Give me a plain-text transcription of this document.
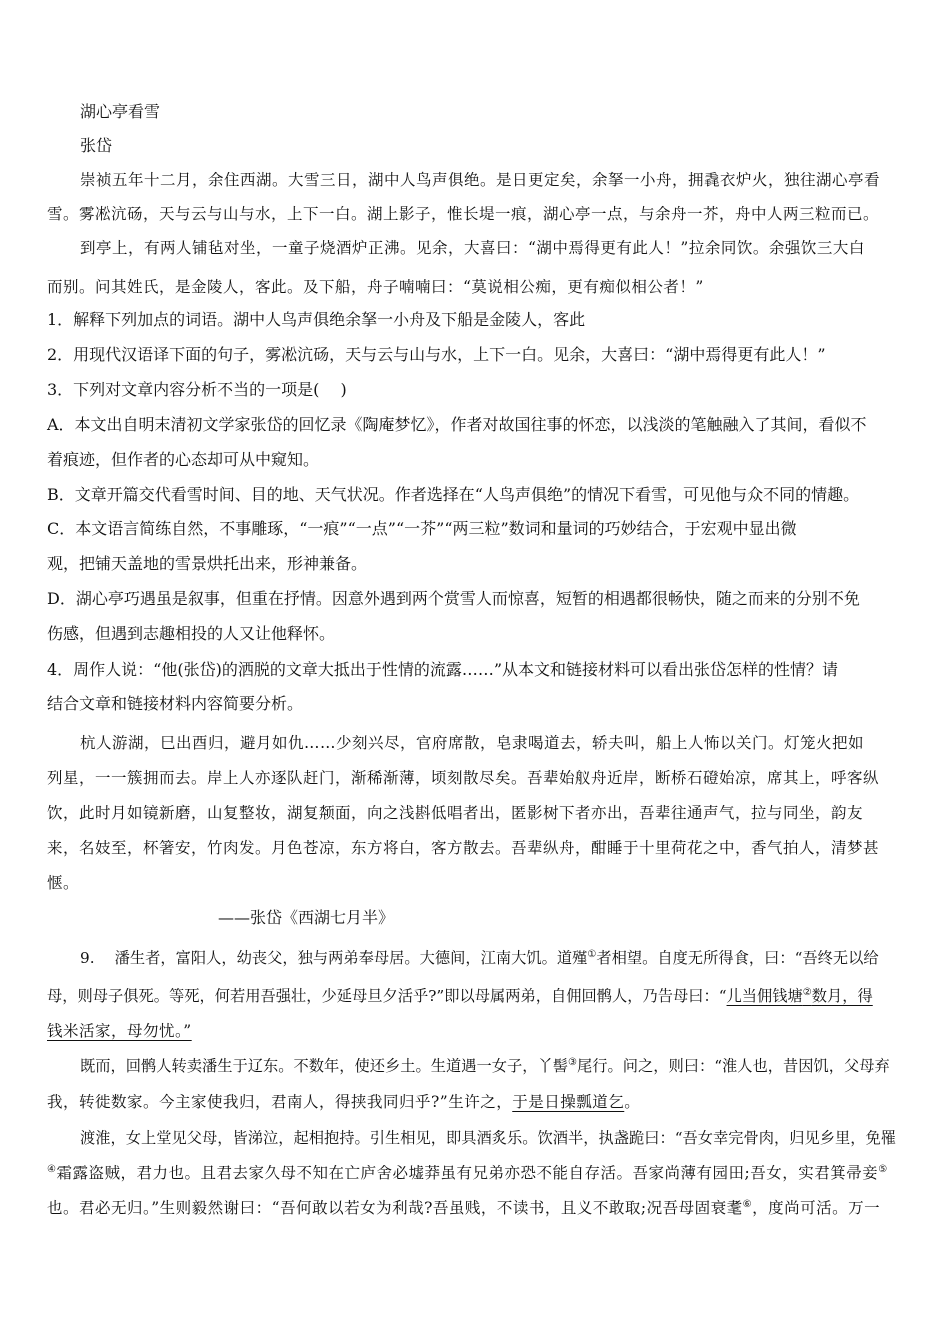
湖心亭看雪
张岱
崇祯五年十二月，余住西湖。大雪三日，湖中人鸟声俱绝。是日更定矣，余拏一小舟，拥毳衣炉火，独往湖心亭看
雪。雾凇沆砀，天与云与山与水，上下一白。湖上影子，惟长堤一痕，湖心亭一点，与余舟一芥，舟中人两三粒而已。
到亭上，有两人铺毡对坐，一童子烧酒炉正沸。见余，大喜曰：“湖中焉得更有此人！”拉余同饮。余强饮三大白
而别。问其姓氏，是金陵人，客此。及下船，舟子喃喃曰：“莫说相公痴，更有痴似相公者！”
1．解释下列加点的词语。湖中人鸟声俱绝余拏一小舟及下船是金陵人，客此
2．用现代汉语译下面的句子，雾凇沆砀，天与云与山与水，上下一白。见余，大喜曰：“湖中焉得更有此人！”
3．下列对文章内容分析不当的一项是(　 )
A．本文出自明末清初文学家张岱的回忆录《陶庵梦忆》，作者对故国往事的怀恋，以浅淡的笔触融入了其间，看似不
着痕迹，但作者的心态却可从中窥知。
B．文章开篇交代看雪时间、目的地、天气状况。作者选择在“人鸟声俱绝”的情况下看雪，可见他与众不同的情趣。
C．本文语言简练自然，不事雕琢，“一痕”“一点”“一芥”“两三粒”数词和量词的巧妙结合，于宏观中显出微
观，把铺天盖地的雪景烘托出来，形神兼备。
D．湖心亭巧遇虽是叙事，但重在抒情。因意外遇到两个赏雪人而惊喜，短暂的相遇都很畅快，随之而来的分别不免
伤感，但遇到志趣相投的人又让他释怀。
4．周作人说：“他(张岱)的洒脱的文章大抵出于性情的流露……”从本文和链接材料可以看出张岱怎样的性情？请
结合文章和链接材料内容简要分析。
杭人游湖，巳出酉归，避月如仇……少刻兴尽，官府席散，皂隶喝道去，轿夫叫，船上人怖以关门。灯笼火把如
列星，一一簇拥而去。岸上人亦逐队赶门，渐稀渐薄，顷刻散尽矣。吾辈始舣舟近岸，断桥石磴始凉，席其上，呼客纵
饮，此时月如镜新磨，山复整妆，湖复颒面，向之浅斟低唱者出，匿影树下者亦出，吾辈往通声气，拉与同坐，韵友
来，名妓至，杯箸安，竹肉发。月色苍凉，东方将白，客方散去。吾辈纵舟，酣睡于十里荷花之中，香气拍人，清梦甚
惬。
——张岱《西湖七月半》
9.　 潘生者，富阳人，幼丧父，独与两弟奉母居。大德间，江南大饥。道殣①者相望。自度无所得食，曰：“吾终无以给
母，则母子俱死。等死，何若用吾强壮，少延母旦夕活乎?”即以母属两弟，自佣回鹘人，乃告母曰：“儿当佣钱塘②数月，得
钱米活家，母勿忧。”
既而，回鹘人转卖潘生于辽东。不数年，使还乡土。生道遇一女子，丫髻③尾行。问之，则曰：“淮人也，昔因饥，父母弃
我，转徙数家。今主家使我归，君南人，得挟我同归乎?”生许之，于是日操瓢道乞。
渡淮，女上堂见父母，皆涕泣，起相抱持。引生相见，即具酒炙乐。饮酒半，执盏跪曰：“吾女幸完骨肉，归见乡里，免罹
④霜露盗贼，君力也。且君去家久母不知在亡庐舍必墟莽虽有兄弟亦恐不能自存活。吾家尚薄有园田;吾女，实君箕帚妾⑤
也。君必无归。”生则毅然谢曰：“吾何敢以若女为利哉?吾虽贱，不读书，且义不敢取;况吾母固衰耄⑥，度尚可活。万一
